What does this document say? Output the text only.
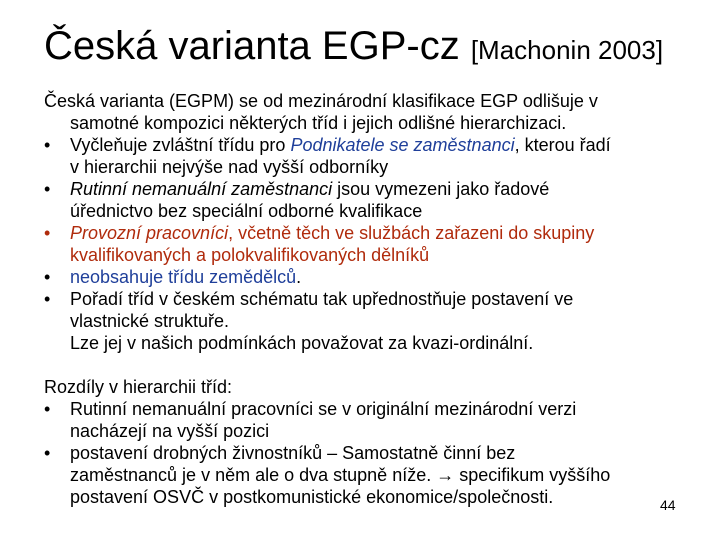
Česká varianta EGP-cz [Machonin 2003]

Česká varianta (EGPM) se od mezinárodní klasifikace EGP odlišuje v

samotné kompozici některých tříd i jejich odlišné hierarchizaci.

•	Vyčleňuje zvláštní třídu pro Podnikatele se zaměstnanci, kterou řadí

v hierarchii nejvýše nad vyšší odborníky

•	Rutinní nemanuální zaměstnanci jsou vymezeni jako řadové

úřednictvo bez speciální odborné kvalifikace

•	Provozní pracovníci, včetně těch ve službách zařazeni do skupiny

kvalifikovaných a polokvalifikovaných dělníků

•	neobsahuje třídu zemědělců.

•	Pořadí tříd v českém schématu tak upřednostňuje postavení ve

vlastnické struktuře.

Lze jej v našich podmínkách považovat za kvazi-ordinální.

Rozdíly v hierarchii tříd:

•	Rutinní nemanuální pracovníci se v originální mezinárodní verzi

nacházejí na vyšší pozici

•	postavení drobných živnostníků – Samostatně činní bez

zaměstnanců je v něm ale o dva stupně níže. → specifikum vyššího

postavení OSVČ v postkomunistické ekonomice/společnosti.	44
